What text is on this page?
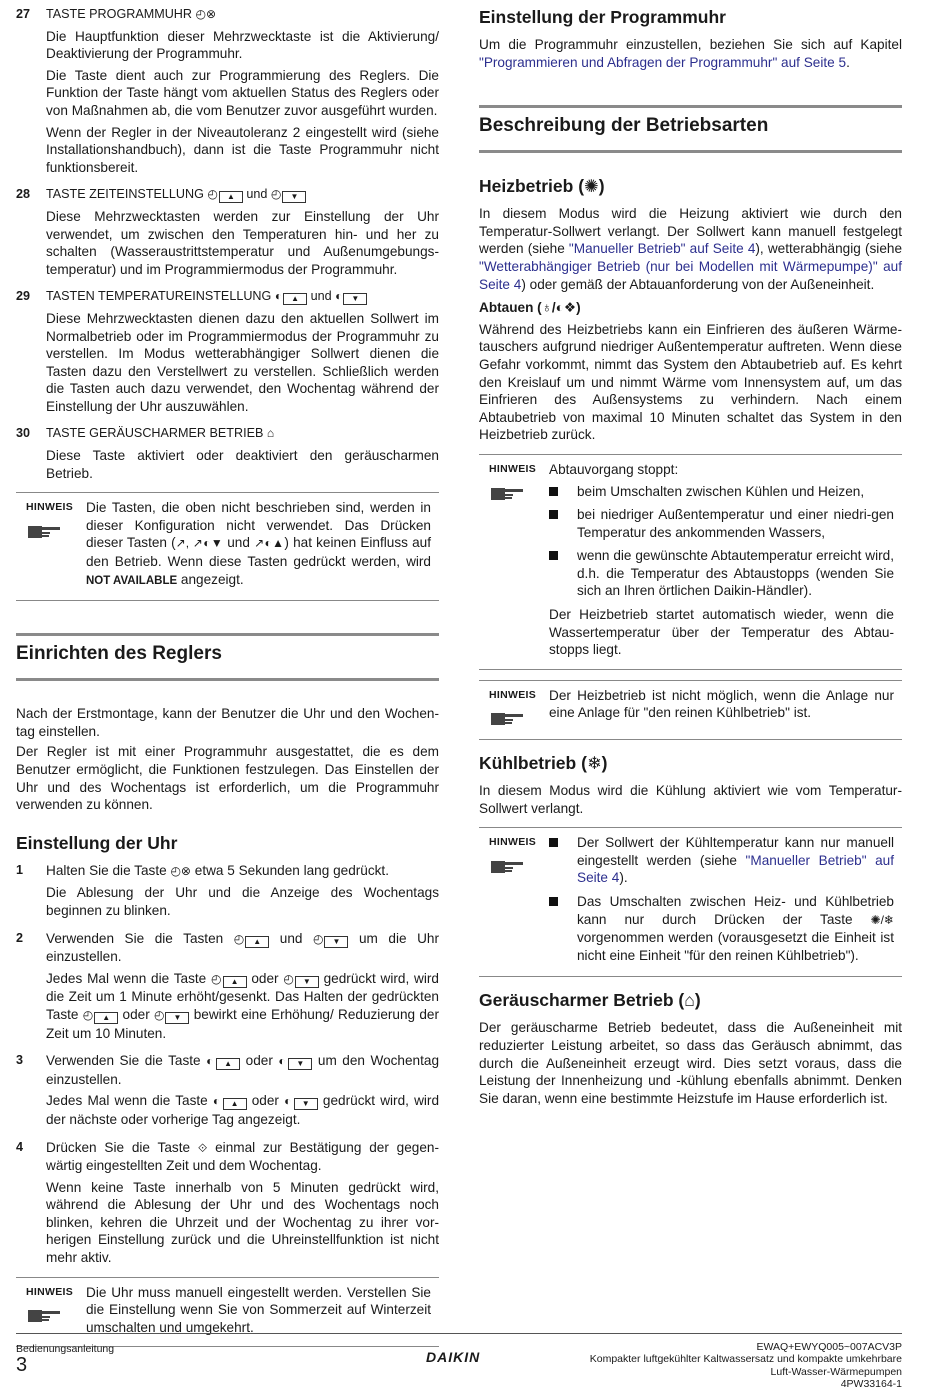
27	TASTE PROGRAMMUHR ◴⊗

Die Hauptfunktion dieser Mehrzwecktaste ist die Aktivierung/ Deaktivierung der Programmuhr.

Die Taste dient auch zur Programmierung des Reglers. Die Funktion der Taste hängt vom aktuellen Status des Reglers oder von Maßnahmen ab, die vom Benutzer zuvor ausgeführt wurden.

Wenn der Regler in der Niveautoleranz 2 eingestellt wird (siehe Installationshandbuch), dann ist die Taste Programmuhr nicht funktionsbereit.

28	TASTE ZEITEINSTELLUNG ◴ ▲ und ◴ ▼

Diese Mehrzwecktasten werden zur Einstellung der Uhr verwendet, um zwischen den Temperaturen hin- und her zu schalten (Wasseraustrittstemperatur und Außenumgebungs-temperatur) und im Programmiermodus der Programmuhr.

29	TASTEN TEMPERATUREINSTELLUNG ◐ ▲ und ◐ ▼

Diese Mehrzwecktasten dienen dazu den aktuellen Sollwert im Normalbetrieb oder im Programmiermodus der Programmuhr zu verstellen. Im Modus wetterabhängiger Sollwert dienen die Tasten dazu den Verstellwert zu verstellen. Schließlich werden die Tasten auch dazu verwendet, den Wochentag während der Einstellung der Uhr auszuwählen.

30	TASTE GERÄUSCHARMER BETRIEB ⌂

Diese Taste aktiviert oder deaktiviert den geräuscharmen Betrieb.

HINWEIS Die Tasten, die oben nicht beschrieben sind, werden in dieser Konfiguration nicht verwendet. Das Drücken dieser Tasten (↗, ↗◐▼ und ↗◐▲) hat keinen Einfluss auf den Betrieb. Wenn diese Tasten gedrückt werden, wird NOT AVAILABLE angezeigt.

Einrichten des Reglers

Nach der Erstmontage, kann der Benutzer die Uhr und den Wochen-tag einstellen.

Der Regler ist mit einer Programmuhr ausgestattet, die es dem Benutzer ermöglicht, die Funktionen festzulegen. Das Einstellen der Uhr und des Wochentags ist erforderlich, um die Programmuhr verwenden zu können.

Einstellung der Uhr
1	Halten Sie die Taste ◴⊗ etwa 5 Sekunden lang gedrückt.

Die Ablesung der Uhr und die Anzeige des Wochentags beginnen zu blinken.

2	Verwenden Sie die Tasten ◴ ▲ und ◴ ▼ um die Uhr einzustellen.

Jedes Mal wenn die Taste ◴ ▲ oder ◴ ▼ gedrückt wird, wird die Zeit um 1 Minute erhöht/gesenkt. Das Halten der gedrückten Taste ◴ ▲ oder ◴ ▼ bewirkt eine Erhöhung/ Reduzierung der Zeit um 10 Minuten.

3	Verwenden Sie die Taste ◐ ▲ oder ◐ ▼ um den Wochentag einzustellen.

Jedes Mal wenn die Taste ◐ ▲ oder ◐ ▼ gedrückt wird, wird der nächste oder vorherige Tag angezeigt.

4	Drücken Sie die Taste ⟐ einmal zur Bestätigung der gegen-wärtig eingestellten Zeit und dem Wochentag.

Wenn keine Taste innerhalb von 5 Minuten gedrückt wird, während die Ablesung der Uhr und des Wochentags noch blinken, kehren die Uhrzeit und der Wochentag zu ihrer vor-herigen Einstellung zurück und die Uhreinstellfunktion ist nicht mehr aktiv.

HINWEIS Die Uhr muss manuell eingestellt werden. Verstellen Sie die Einstellung wenn Sie von Sommerzeit auf Winterzeit umschalten und umgekehrt.

Einstellung der Programmuhr

Um die Programmuhr einzustellen, beziehen Sie sich auf Kapitel "Programmieren und Abfragen der Programmuhr" auf Seite 5.

Beschreibung der Betriebsarten
Heizbetrieb (✺)

In diesem Modus wird die Heizung aktiviert wie durch den Temperatur-Sollwert verlangt. Der Sollwert kann manuell festgelegt werden (siehe "Manueller Betrieb" auf Seite 4), wetterabhängig (siehe "Wetterabhängiger Betrieb (nur bei Modellen mit Wärmepumpe)" auf Seite 4) oder gemäß der Abtauanforderung von der Außeneinheit.

Abtauen (♁/◐❖)

Während des Heizbetriebs kann ein Einfrieren des äußeren Wärme-tauschers aufgrund niedriger Außentemperatur auftreten. Wenn diese Gefahr vorkommt, nimmt das System den Abtaubetrieb auf. Es kehrt den Kreislauf um und nimmt Wärme vom Innensystem auf, um das Einfrieren des Außensystems zu verhindern. Nach einem Abtaubetrieb von maximal 10 Minuten schaltet das System in den Heizbetrieb zurück.

HINWEIS Abtauvorgang stoppt:

beim Umschalten zwischen Kühlen und Heizen,
bei niedriger Außentemperatur und einer niedri-gen Temperatur des ankommenden Wassers,
wenn die gewünschte Abtautemperatur erreicht wird, d.h. die Temperatur des Abtaustopps (wenden Sie sich an Ihren örtlichen Daikin-Händler).

Der Heizbetrieb startet automatisch wieder, wenn die Wassertemperatur über der Temperatur des Abtau-stopps liegt.

HINWEIS Der Heizbetrieb ist nicht möglich, wenn die Anlage nur eine Anlage für "den reinen Kühlbetrieb" ist.

Kühlbetrieb (❄)

In diesem Modus wird die Kühlung aktiviert wie vom Temperatur-Sollwert verlangt.

HINWEIS	Der Sollwert der Kühltemperatur kann nur manuell eingestellt werden (siehe "Manueller Betrieb" auf Seite 4).
Das Umschalten zwischen Heiz- und Kühlbetrieb kann nur durch Drücken der Taste ✺/❄ vorgenommen werden (vorausgesetzt die Einheit ist nicht eine Einheit "für den reinen Kühlbetrieb").
Geräuscharmer Betrieb (⌂)

Der geräuscharme Betrieb bedeutet, dass die Außeneinheit mit reduzierter Leistung arbeitet, so dass das Geräusch abnimmt, das durch die Außeneinheit erzeugt wird. Dies setzt voraus, dass die Leistung der Innenheizung und -kühlung ebenfalls abnimmt. Denken Sie daran, wenn eine bestimmte Heizstufe im Hause erforderlich ist.

Bedienungsanleitung
3	DAIKIN
EWAQ+EWYQ005~007ACV3P
Kompakter luftgekühlter Kaltwassersatz und kompakte umkehrbare
Luft-Wasser-Wärmepumpen
4PW33164-1
